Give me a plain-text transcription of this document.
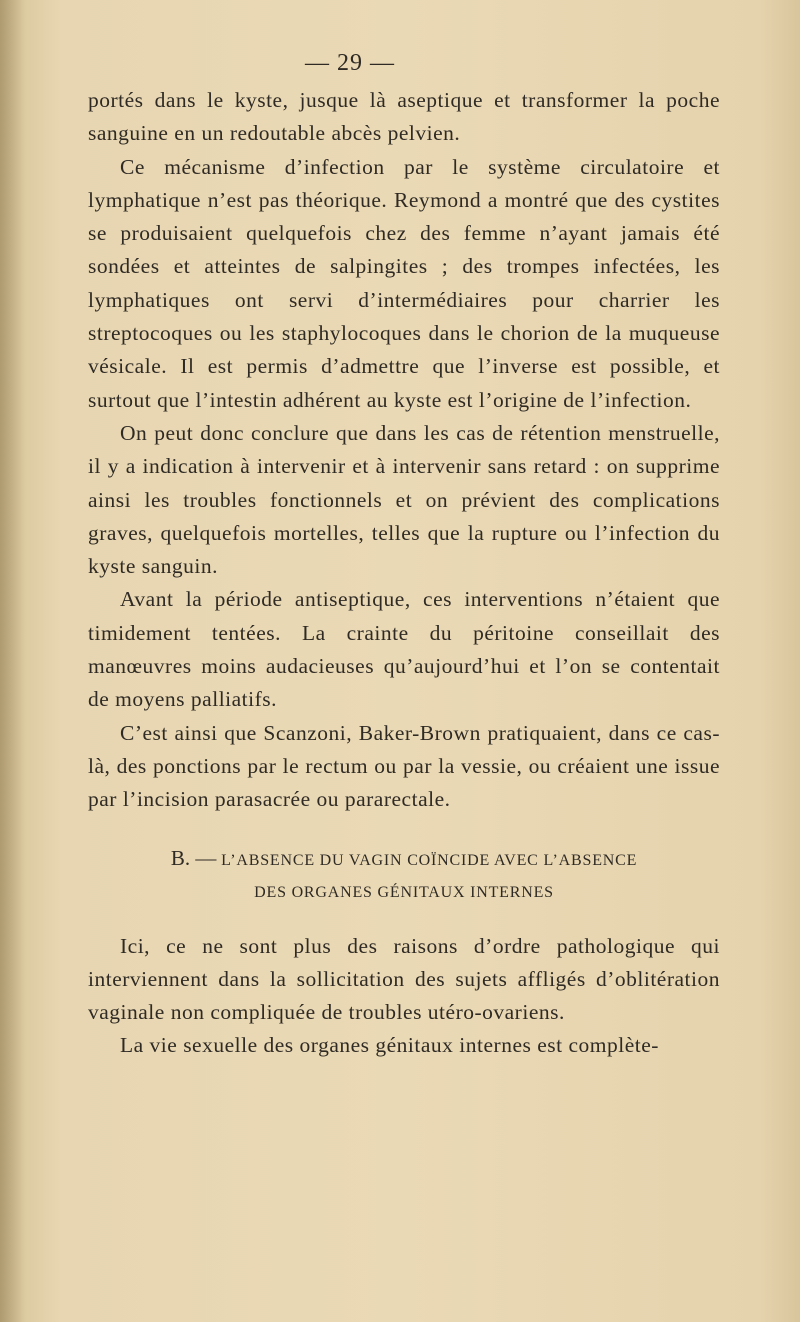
— 29 —

portés dans le kyste, jusque là aseptique et transformer la poche sanguine en un redoutable abcès pelvien.

Ce mécanisme d’infection par le système circulatoire et lymphatique n’est pas théorique. Reymond a montré que des cystites se produisaient quelquefois chez des femme n’ayant jamais été sondées et atteintes de salpingites ; des trompes infectées, les lymphatiques ont servi d’intermédiaires pour charrier les streptocoques ou les staphylocoques dans le chorion de la muqueuse vésicale. Il est permis d’admettre que l’inverse est possible, et surtout que l’intestin adhérent au kyste est l’origine de l’infection.

On peut donc conclure que dans les cas de rétention menstruelle, il y a indication à intervenir et à intervenir sans retard : on supprime ainsi les troubles fonctionnels et on prévient des complications graves, quelquefois mortelles, telles que la rupture ou l’infection du kyste sanguin.

Avant la période antiseptique, ces interventions n’étaient que timidement tentées. La crainte du péritoine conseillait des manœuvres moins audacieuses qu’aujourd’hui et l’on se contentait de moyens palliatifs.

C’est ainsi que Scanzoni, Baker-Brown pratiquaient, dans ce cas-là, des ponctions par le rectum ou par la vessie, ou créaient une issue par l’incision parasacrée ou pararectale.

B. — L’ABSENCE DU VAGIN COÏNCIDE AVEC L’ABSENCE
DES ORGANES GÉNITAUX INTERNES

Ici, ce ne sont plus des raisons d’ordre pathologique qui interviennent dans la sollicitation des sujets affligés d’oblitération vaginale non compliquée de troubles utéro-ovariens.

La vie sexuelle des organes génitaux internes est complète-
